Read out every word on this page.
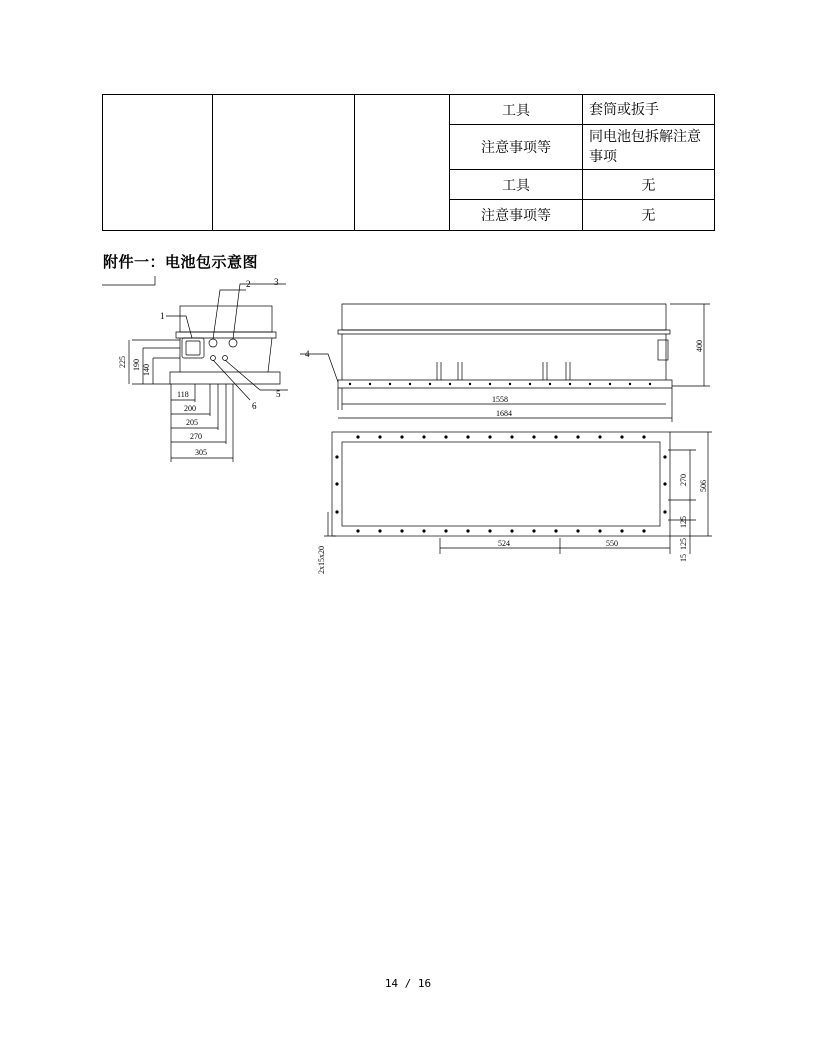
			工具	套筒或扳手
			注意事项等	同电池包拆解注意事项
			工具	无
			注意事项等	无
附件一：电池包示意图
1
2	3
4
5
6
225 190 140
118
200
205
270
305
400
1558
1684
270 506
125
125
15
524	550
2x15x20
14 / 16
